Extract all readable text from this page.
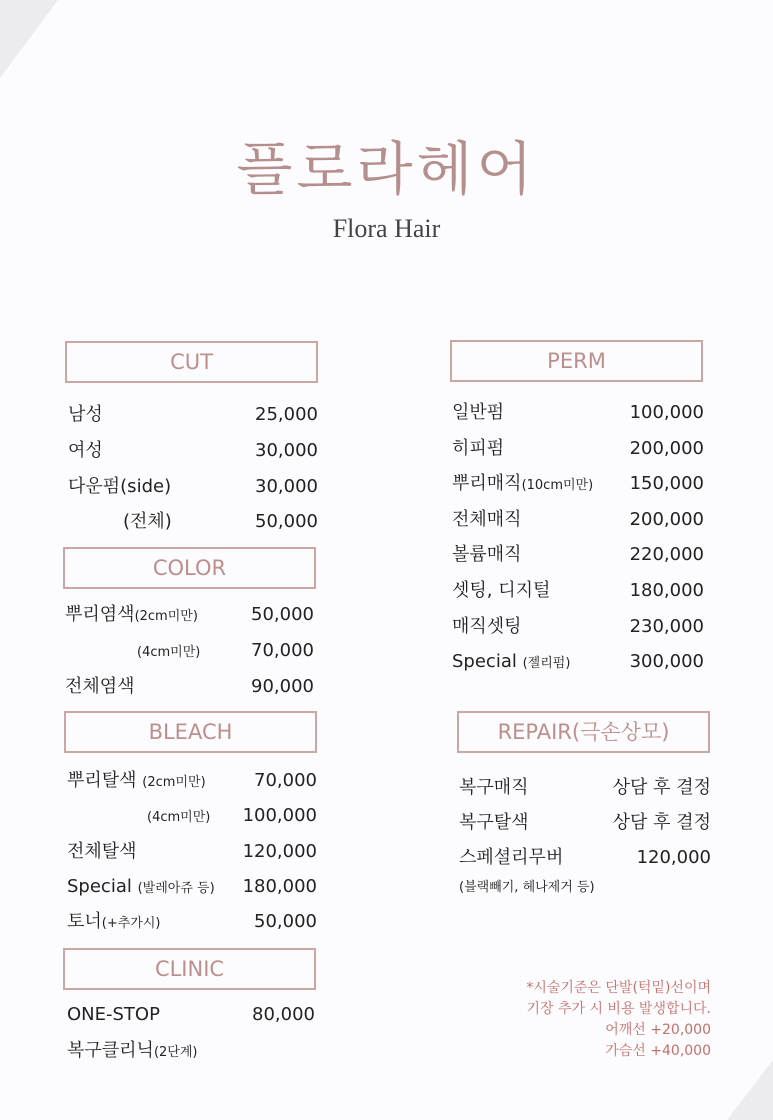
플로라헤어
Flora Hair
CUT
남성	25,000
여성	30,000
다운펌(side)	30,000
(전체)	50,000
COLOR
뿌리염색(2cm미만)	50,000
(4cm미만)	70,000
전체염색	90,000
BLEACH
뿌리탈색 (2cm미만)	70,000
(4cm미만) 100,000
전체탈색	120,000
Special (발레아쥬 등) 180,000
토너(+추가시)	50,000
CLINIC
ONE-STOP	80,000
복구클리닉(2단계)
PERM
일반펌	100,000
히피펌	200,000
뿌리매직(10cm미만) 150,000
전체매직	200,000
볼륨매직	220,000
셋팅, 디지털	180,000
매직셋팅	230,000
Special (젤리펌)	300,000
REPAIR(극손상모)
복구매직	상담 후 결정
복구탈색	상담 후 결정
스페셜리무버	120,000
(블랙빼기, 헤나제거 등)
*시술기준은 단발(턱밑)선이며
기장 추가 시 비용 발생합니다.
어깨선 +20,000
가슴선 +40,000
